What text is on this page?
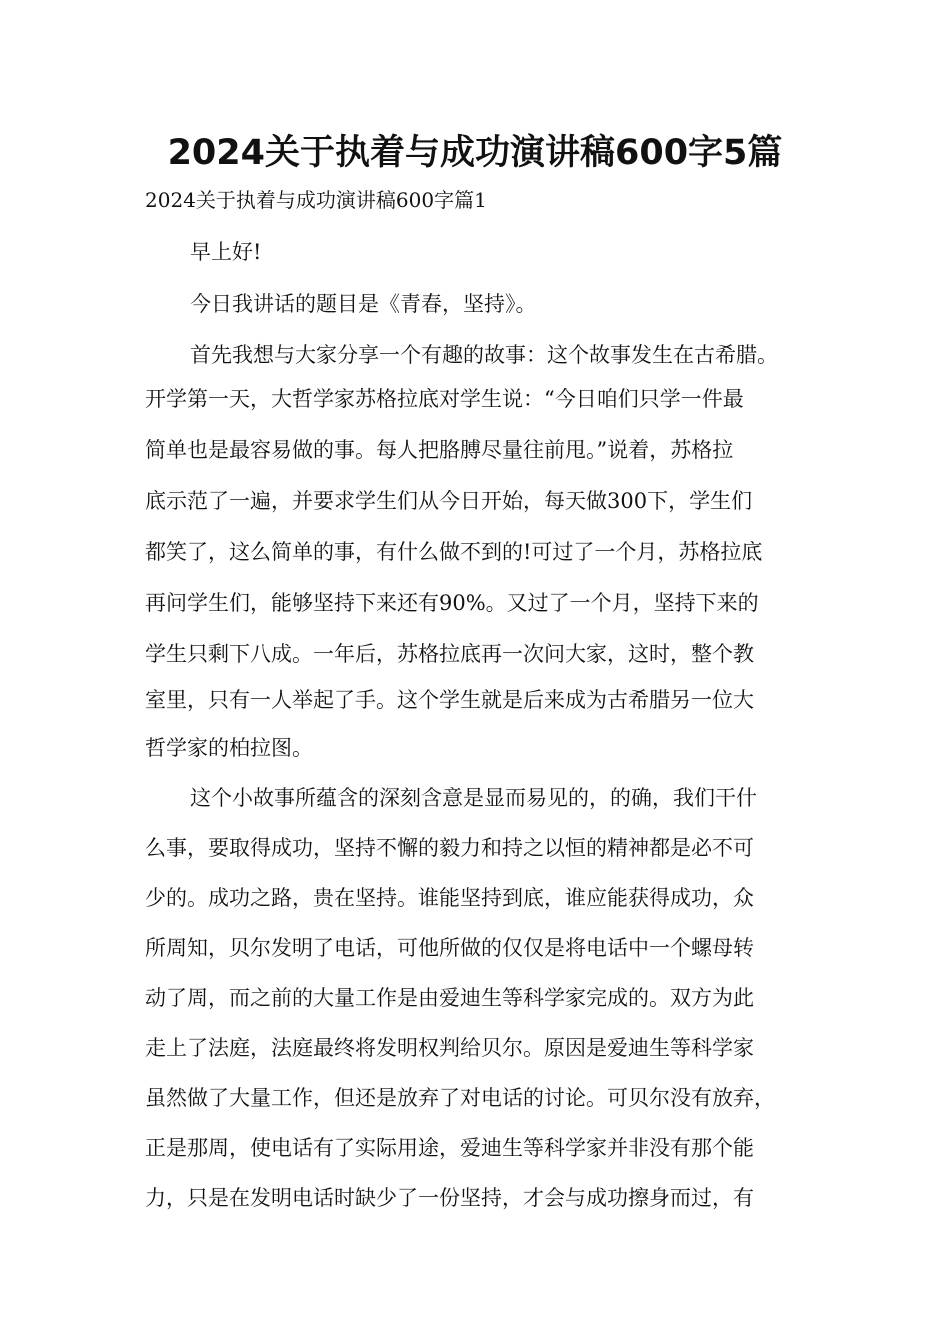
2024关于执着与成功演讲稿600字5篇
2024关于执着与成功演讲稿600字篇1
早上好!
今日我讲话的题目是《青春，坚持》。
首先我想与大家分享一个有趣的故事：这个故事发生在古希腊。
开学第一天，大哲学家苏格拉底对学生说：“今日咱们只学一件最
简单也是最容易做的事。每人把胳膊尽量往前甩。”说着，苏格拉
底示范了一遍，并要求学生们从今日开始，每天做300下，学生们
都笑了，这么简单的事，有什么做不到的!可过了一个月，苏格拉底
再问学生们，能够坚持下来还有90%。又过了一个月，坚持下来的
学生只剩下八成。一年后，苏格拉底再一次问大家，这时，整个教
室里，只有一人举起了手。这个学生就是后来成为古希腊另一位大
哲学家的柏拉图。
这个小故事所蕴含的深刻含意是显而易见的，的确，我们干什
么事，要取得成功，坚持不懈的毅力和持之以恒的精神都是必不可
少的。成功之路，贵在坚持。谁能坚持到底，谁应能获得成功，众
所周知，贝尔发明了电话，可他所做的仅仅是将电话中一个螺母转
动了周，而之前的大量工作是由爱迪生等科学家完成的。双方为此
走上了法庭，法庭最终将发明权判给贝尔。原因是爱迪生等科学家
虽然做了大量工作，但还是放弃了对电话的讨论。可贝尔没有放弃，
正是那周，使电话有了实际用途，爱迪生等科学家并非没有那个能
力，只是在发明电话时缺少了一份坚持，才会与成功擦身而过，有
